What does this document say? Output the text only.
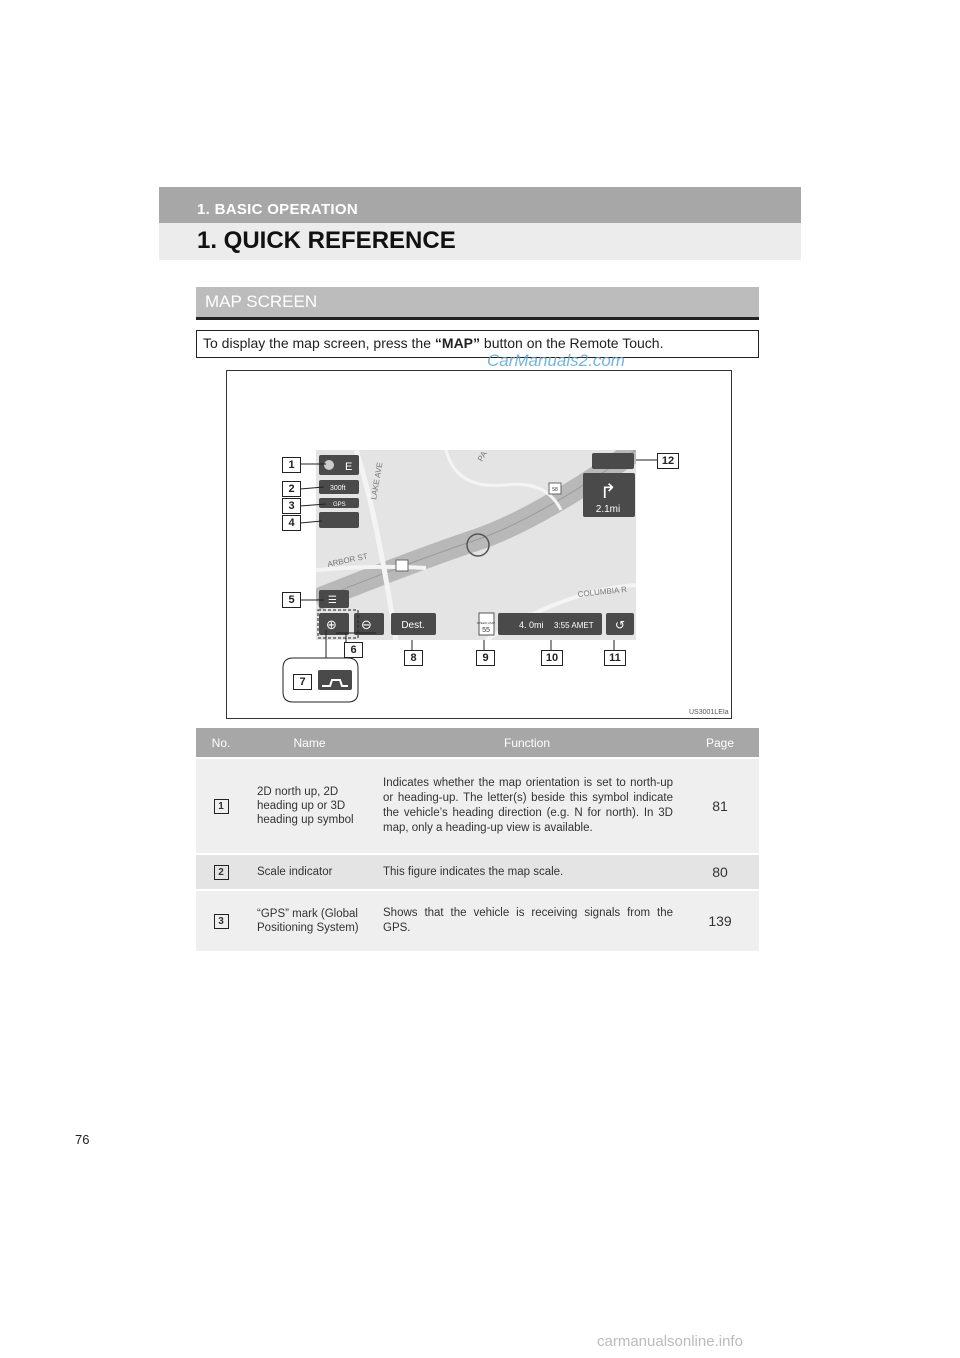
1. BASIC OPERATION
1. QUICK REFERENCE
MAP SCREEN
To display the map screen, press the “MAP” button on the Remote Touch.
CarManuals2.com
LAKE AVE
ARBOR ST
COLUMBIA R
PA
58
E
300ft
GPS
☰
⊕ ⊖	Dest.
↱
2.1mi
SPEED LIMIT
55
4. 0mi 3:55 AMET ↺
1
2
3
4
5
6
7
8	9	10	11
12
US3001LEIa
No.	Name	Function	Page

1	2D north up, 2D heading up or 3D heading up symbol	Indicates whether the map orientation is set to north-up or heading-up. The letter(s) beside this symbol indicate the vehicle’s heading direction (e.g. N for north). In 3D map, only a heading-up view is available.	81

2	Scale indicator	This figure indicates the map scale.	80

3	“GPS” mark (Global Positioning System)	Shows that the vehicle is receiving signals from the GPS.	139
76
carmanualsonline.info
